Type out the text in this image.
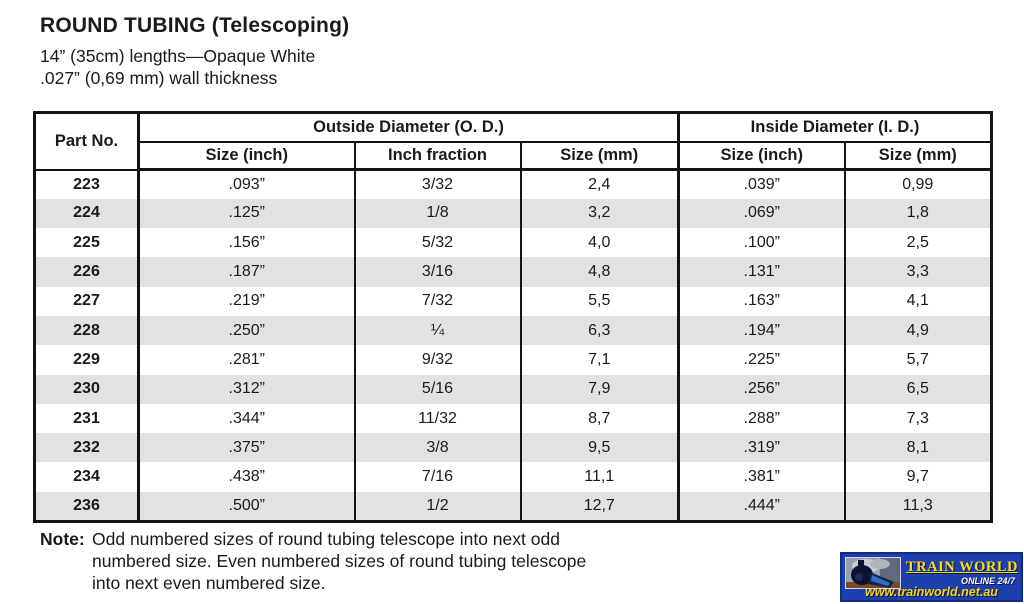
ROUND TUBING (Telescoping)
14” (35cm) lengths—Opaque White
.027” (0,69 mm) wall thickness
Part No.	Outside Diameter (O. D.)			Inside Diameter (I. D.)	
	Size (inch)	Inch fraction	Size (mm)	Size (inch)	Size (mm)
223	.093”	3/32	2,4	.039”	0,99
224	.125”	1/8	3,2	.069”	1,8
225	.156”	5/32	4,0	.100”	2,5
226	.187”	3/16	4,8	.131”	3,3
227	.219”	7/32	5,5	.163”	4,1
228	.250”	¼	6,3	.194”	4,9
229	.281”	9/32	7,1	.225”	5,7
230	.312”	5/16	7,9	.256”	6,5
231	.344”	11/32	8,7	.288”	7,3
232	.375”	3/8	9,5	.319”	8,1
234	.438”	7/16	11,1	.381”	9,7
236	.500”	1/2	12,7	.444”	11,3
Note: Odd numbered sizes of round tubing telescope into next odd
numbered size. Even numbered sizes of round tubing telescope
into next even numbered size.
TRAIN WORLD
ONLINE 24/7
www.trainworld.net.au
